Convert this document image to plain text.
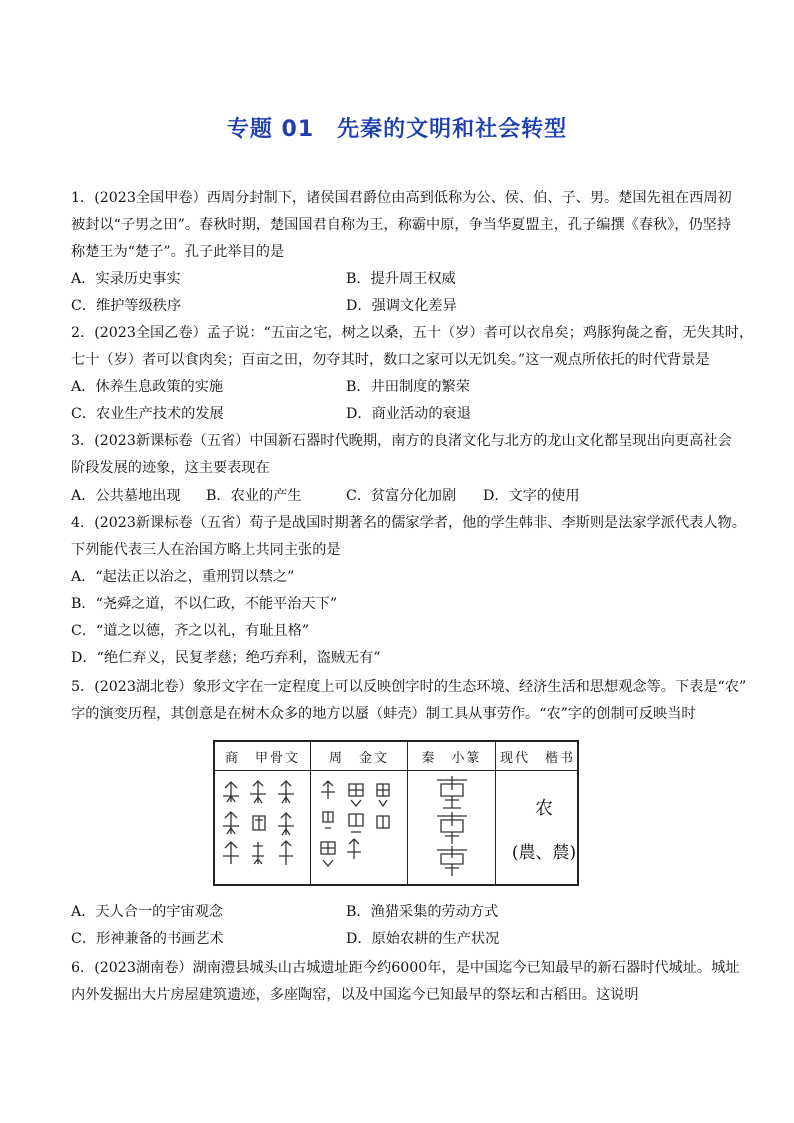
专题 01　先秦的文明和社会转型
1．(2023全国甲卷）西周分封制下，诸侯国君爵位由高到低称为公、侯、伯、子、男。楚国先祖在西周初
被封以“子男之田”。春秋时期，楚国国君自称为王，称霸中原，争当华夏盟主，孔子编撰《春秋》，仍坚持
称楚王为“楚子”。孔子此举目的是
A．实录历史事实	B．提升周王权威
C．维护等级秩序	D．强调文化差异
2．(2023全国乙卷）孟子说：“五亩之宅，树之以桑，五十（岁）者可以衣帛矣；鸡豚狗彘之畜，无失其时，
七十（岁）者可以食肉矣；百亩之田，勿夺其时，数口之家可以无饥矣。”这一观点所依托的时代背景是
A．休养生息政策的实施	B．井田制度的繁荣
C．农业生产技术的发展	D．商业活动的衰退
3．(2023新课标卷（五省）中国新石器时代晚期，南方的良渚文化与北方的龙山文化都呈现出向更高社会
阶段发展的迹象，这主要表现在
A．公共墓地出现 B．农业的产生	C．贫富分化加剧 D．文字的使用
4．(2023新课标卷（五省）荀子是战国时期著名的儒家学者，他的学生韩非、李斯则是法家学派代表人物。
下列能代表三人在治国方略上共同主张的是
A．“起法正以治之，重刑罚以禁之”
B．“尧舜之道，不以仁政，不能平治天下”
C．“道之以德，齐之以礼，有耻且格”
D．“绝仁弃义，民复孝慈；绝巧弃利，盗贼无有”
5．(2023湖北卷）象形文字在一定程度上可以反映创字时的生态环境、经济生活和思想观念等。下表是“农”
字的演变历程，其创意是在树木众多的地方以蜃（蚌壳）制工具从事劳作。“农”字的创制可反映当时
商　甲骨文	周　金文	秦　小篆	现代　楷书
农
(農、辳)
A．天人合一的宇宙观念	B．渔猎采集的劳动方式
C．形神兼备的书画艺术	D．原始农耕的生产状况
6．(2023湖南卷）湖南澧县城头山古城遗址距今约6000年，是中国迄今已知最早的新石器时代城址。城址
内外发掘出大片房屋建筑遗迹，多座陶窑，以及中国迄今已知最早的祭坛和古稻田。这说明
